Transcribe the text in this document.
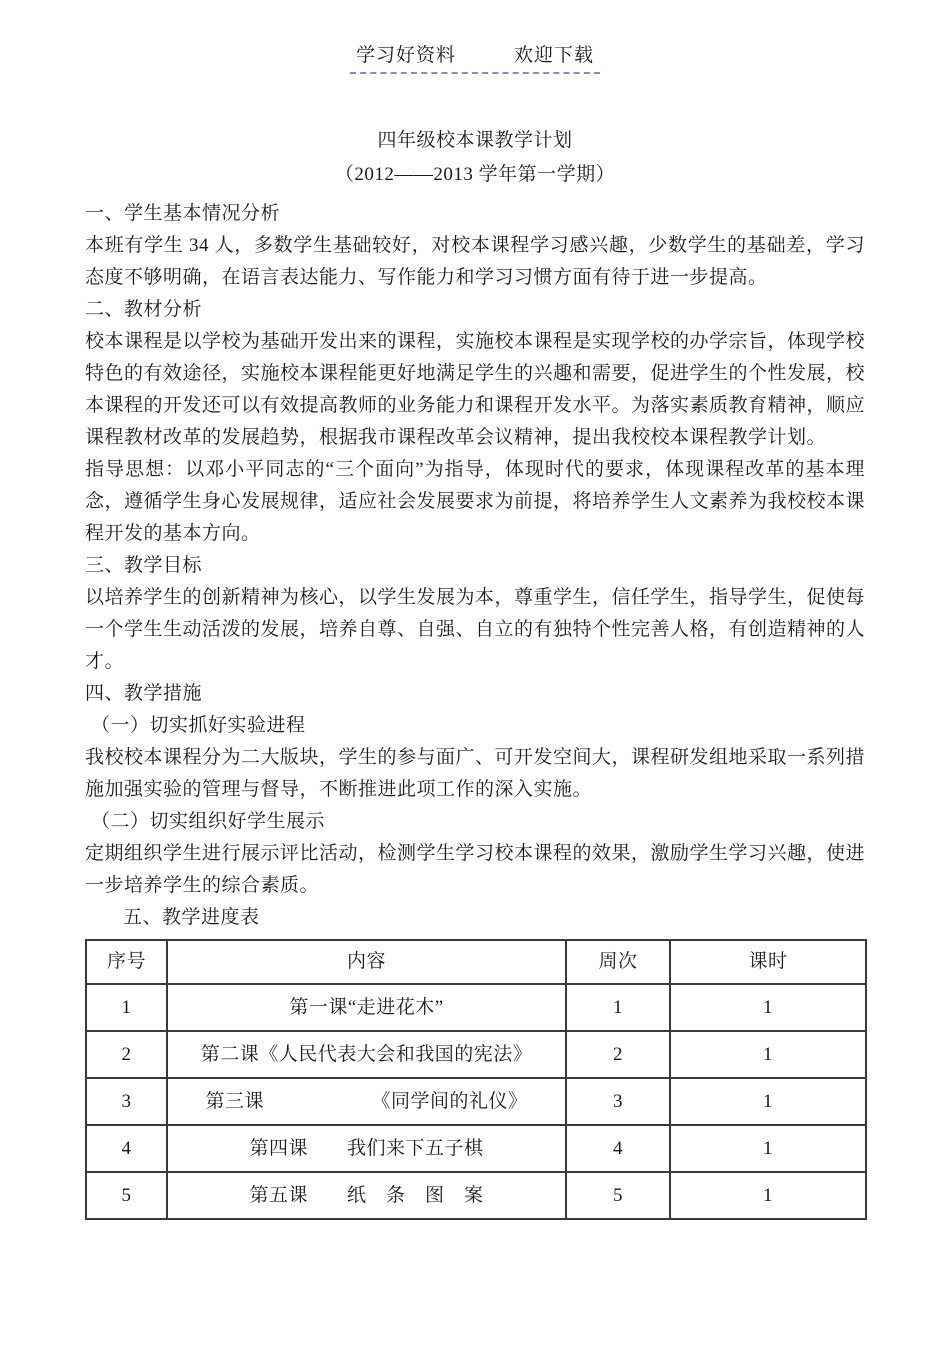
学习好资料	欢迎下载
四年级校本课教学计划
（2012——2013 学年第一学期）
一、学生基本情况分析
本班有学生 34 人，多数学生基础较好，对校本课程学习感兴趣，少数学生的基础差，学习态度不够明确，在语言表达能力、写作能力和学习习惯方面有待于进一步提高。
二、教材分析
校本课程是以学校为基础开发出来的课程，实施校本课程是实现学校的办学宗旨，体现学校特色的有效途径，实施校本课程能更好地满足学生的兴趣和需要，促进学生的个性发展，校本课程的开发还可以有效提高教师的业务能力和课程开发水平。为落实素质教育精神，顺应课程教材改革的发展趋势，根据我市课程改革会议精神，提出我校校本课程教学计划。
指导思想：以邓小平同志的“三个面向”为指导，体现时代的要求，体现课程改革的基本理念，遵循学生身心发展规律，适应社会发展要求为前提，将培养学生人文素养为我校校本课程开发的基本方向。
三、教学目标
以培养学生的创新精神为核心，以学生发展为本，尊重学生，信任学生，指导学生，促使每一个学生生动活泼的发展，培养自尊、自强、自立的有独特个性完善人格，有创造精神的人才。
四、教学措施
（一）切实抓好实验进程
我校校本课程分为二大版块，学生的参与面广、可开发空间大，课程研发组地采取一系列措施加强实验的管理与督导，不断推进此项工作的深入实施。
（二）切实组织好学生展示
定期组织学生进行展示评比活动，检测学生学习校本课程的效果，激励学生学习兴趣，使进一步培养学生的综合素质。
五、教学进度表
序号	内容	周次	课时
1	第一课“走进花木”	1	1
2	第二课《人民代表大会和我国的宪法》	2	1
3	第三课　　　　　　《同学间的礼仪》	3	1
4	第四课　　我们来下五子棋	4	1
5	第五课　　纸　条　图　案	5	1
